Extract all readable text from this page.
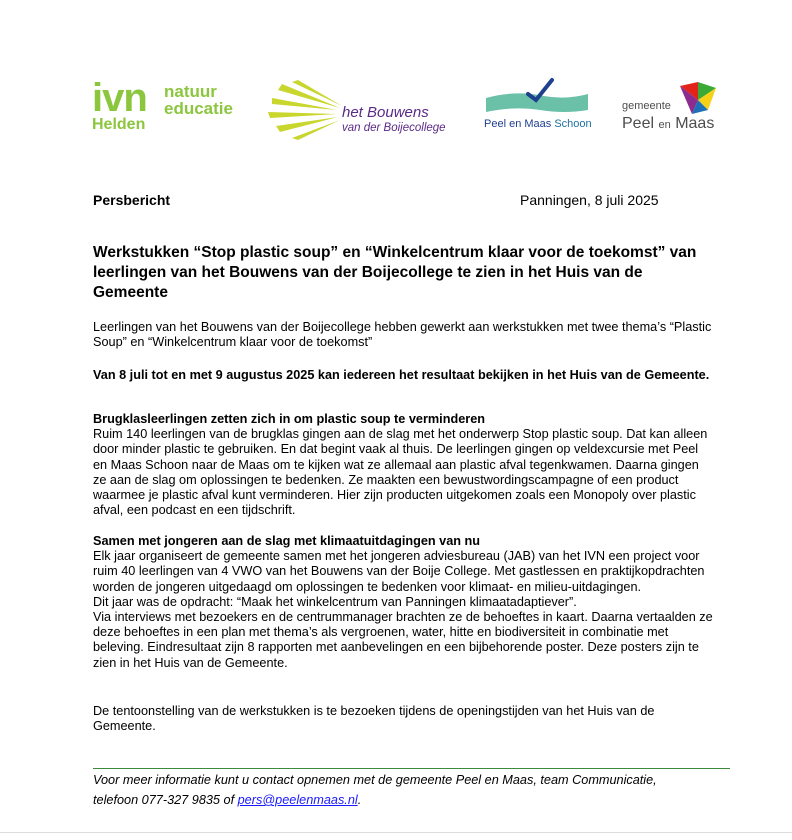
ivn natuur
educatie
Helden
het Bouwens
van der Boijecollege	Peel en Maas Schoon
gemeente
Peel en Maas
Persbericht	Panningen, 8 juli 2025
Werkstukken “Stop plastic soup” en “Winkelcentrum klaar voor de toekomst” van leerlingen van het Bouwens van der Boijecollege te zien in het Huis van de Gemeente

Leerlingen van het Bouwens van der Boijecollege hebben gewerkt aan werkstukken met twee thema’s “Plastic Soup” en “Winkelcentrum klaar voor de toekomst”

Van 8 juli tot en met 9 augustus 2025 kan iedereen het resultaat bekijken in het Huis van de Gemeente.

Brugklasleerlingen zetten zich in om plastic soup te verminderen

Ruim 140 leerlingen van de brugklas gingen aan de slag met het onderwerp Stop plastic soup. Dat kan alleen door minder plastic te gebruiken. En dat begint vaak al thuis. De leerlingen gingen op veldexcursie met Peel en Maas Schoon naar de Maas om te kijken wat ze allemaal aan plastic afval tegenkwamen. Daarna gingen ze aan de slag om oplossingen te bedenken. Ze maakten een bewustwordingscampagne of een product waarmee je plastic afval kunt verminderen. Hier zijn producten uitgekomen zoals een Monopoly over plastic afval, een podcast en een tijdschrift.

Samen met jongeren aan de slag met klimaatuitdagingen van nu

Elk jaar organiseert de gemeente samen met het jongeren adviesbureau (JAB) van het IVN een project voor ruim 40 leerlingen van 4 VWO van het Bouwens van der Boije College. Met gastlessen en praktijkopdrachten worden de jongeren uitgedaagd om oplossingen te bedenken voor klimaat- en milieu-uitdagingen.

Dit jaar was de opdracht: “Maak het winkelcentrum van Panningen klimaatadaptiever”.

Via interviews met bezoekers en de centrummanager brachten ze de behoeftes in kaart. Daarna vertaalden ze deze behoeftes in een plan met thema’s als vergroenen, water, hitte en biodiversiteit in combinatie met beleving. Eindresultaat zijn 8 rapporten met aanbevelingen en een bijbehorende poster. Deze posters zijn te zien in het Huis van de Gemeente.

De tentoonstelling van de werkstukken is te bezoeken tijdens de openingstijden van het Huis van de Gemeente.

Voor meer informatie kunt u contact opnemen met de gemeente Peel en Maas, team Communicatie,
telefoon 077-327 9835 of pers@peelenmaas.nl.
